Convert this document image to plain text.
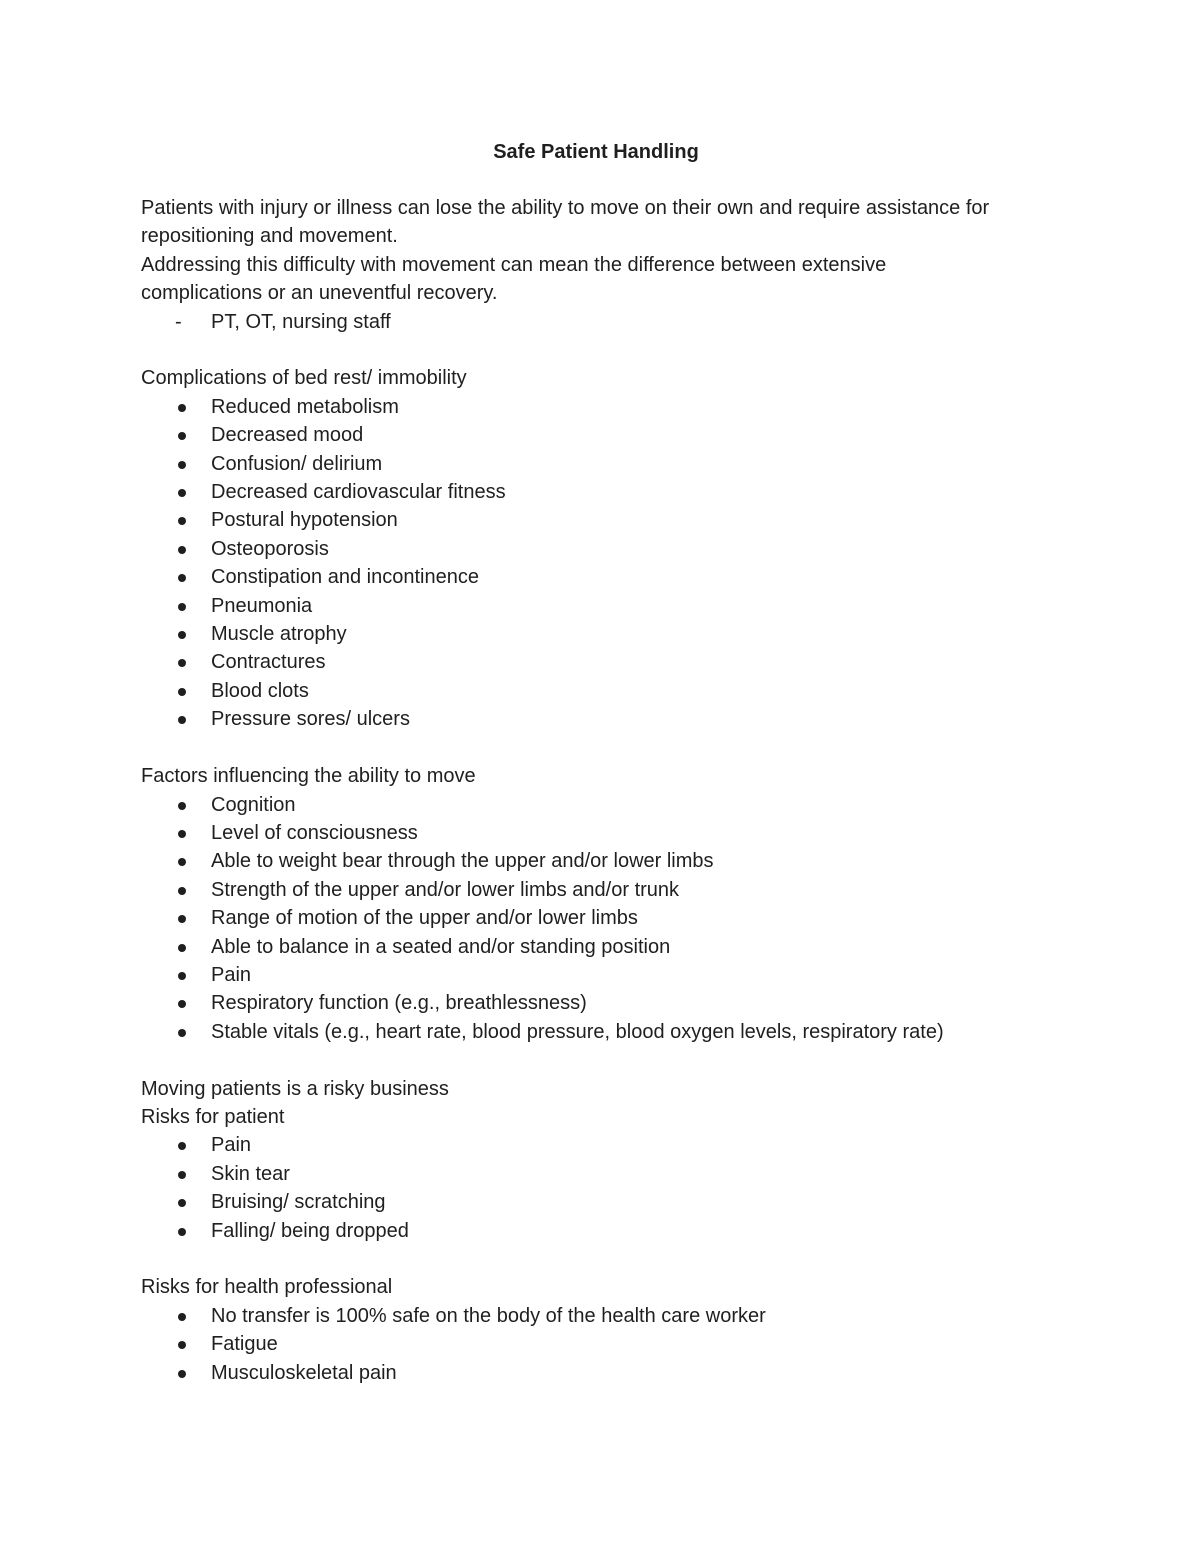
Safe Patient Handling

Patients with injury or illness can lose the ability to move on their own and require assistance for

repositioning and movement.

Addressing this difficulty with movement can mean the difference between extensive

complications or an uneventful recovery.

- PT, OT, nursing staff

Complications of bed rest/ immobility

Reduced metabolism
Decreased mood
Confusion/ delirium
Decreased cardiovascular fitness
Postural hypotension
Osteoporosis
Constipation and incontinence
Pneumonia
Muscle atrophy
Contractures
Blood clots
Pressure sores/ ulcers

Factors influencing the ability to move

Cognition
Level of consciousness
Able to weight bear through the upper and/or lower limbs
Strength of the upper and/or lower limbs and/or trunk
Range of motion of the upper and/or lower limbs
Able to balance in a seated and/or standing position
Pain
Respiratory function (e.g., breathlessness)
Stable vitals (e.g., heart rate, blood pressure, blood oxygen levels, respiratory rate)

Moving patients is a risky business

Risks for patient

Pain
Skin tear
Bruising/ scratching
Falling/ being dropped

Risks for health professional

No transfer is 100% safe on the body of the health care worker
Fatigue
Musculoskeletal pain
